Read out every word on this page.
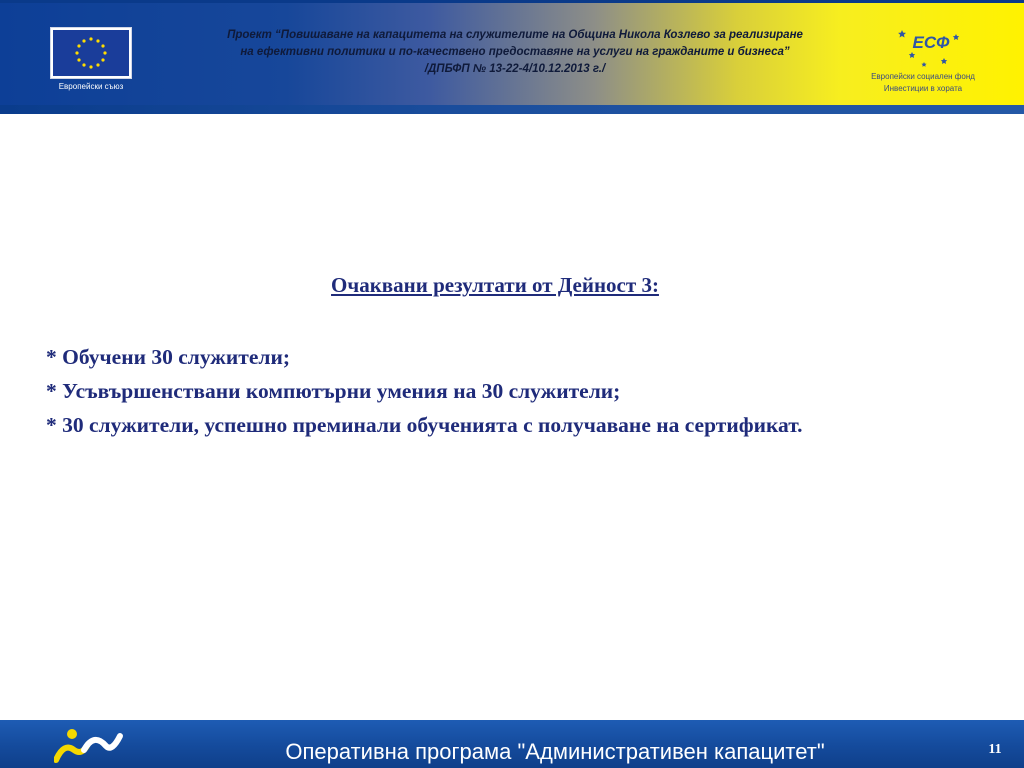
Европейски съюз
Проект “Повишаване на капацитета на служителите на Община Никола Козлево за реализиране
на ефективни политики и по-качествено предоставяне на услуги на гражданите и бизнеса”
/ДПБФП № 13-22-4/10.12.2013 г./
ЕСФ
Европейски социален фонд
Инвестиции в хората
Очаквани резултати от Дейност 3:
* Обучени 30 служители;
* Усъвършенствани компютърни умения на 30 служители;
* 30 служители, успешно преминали обученията с получаване на сертификат.
Оперативна програма "Административен капацитет"	11
